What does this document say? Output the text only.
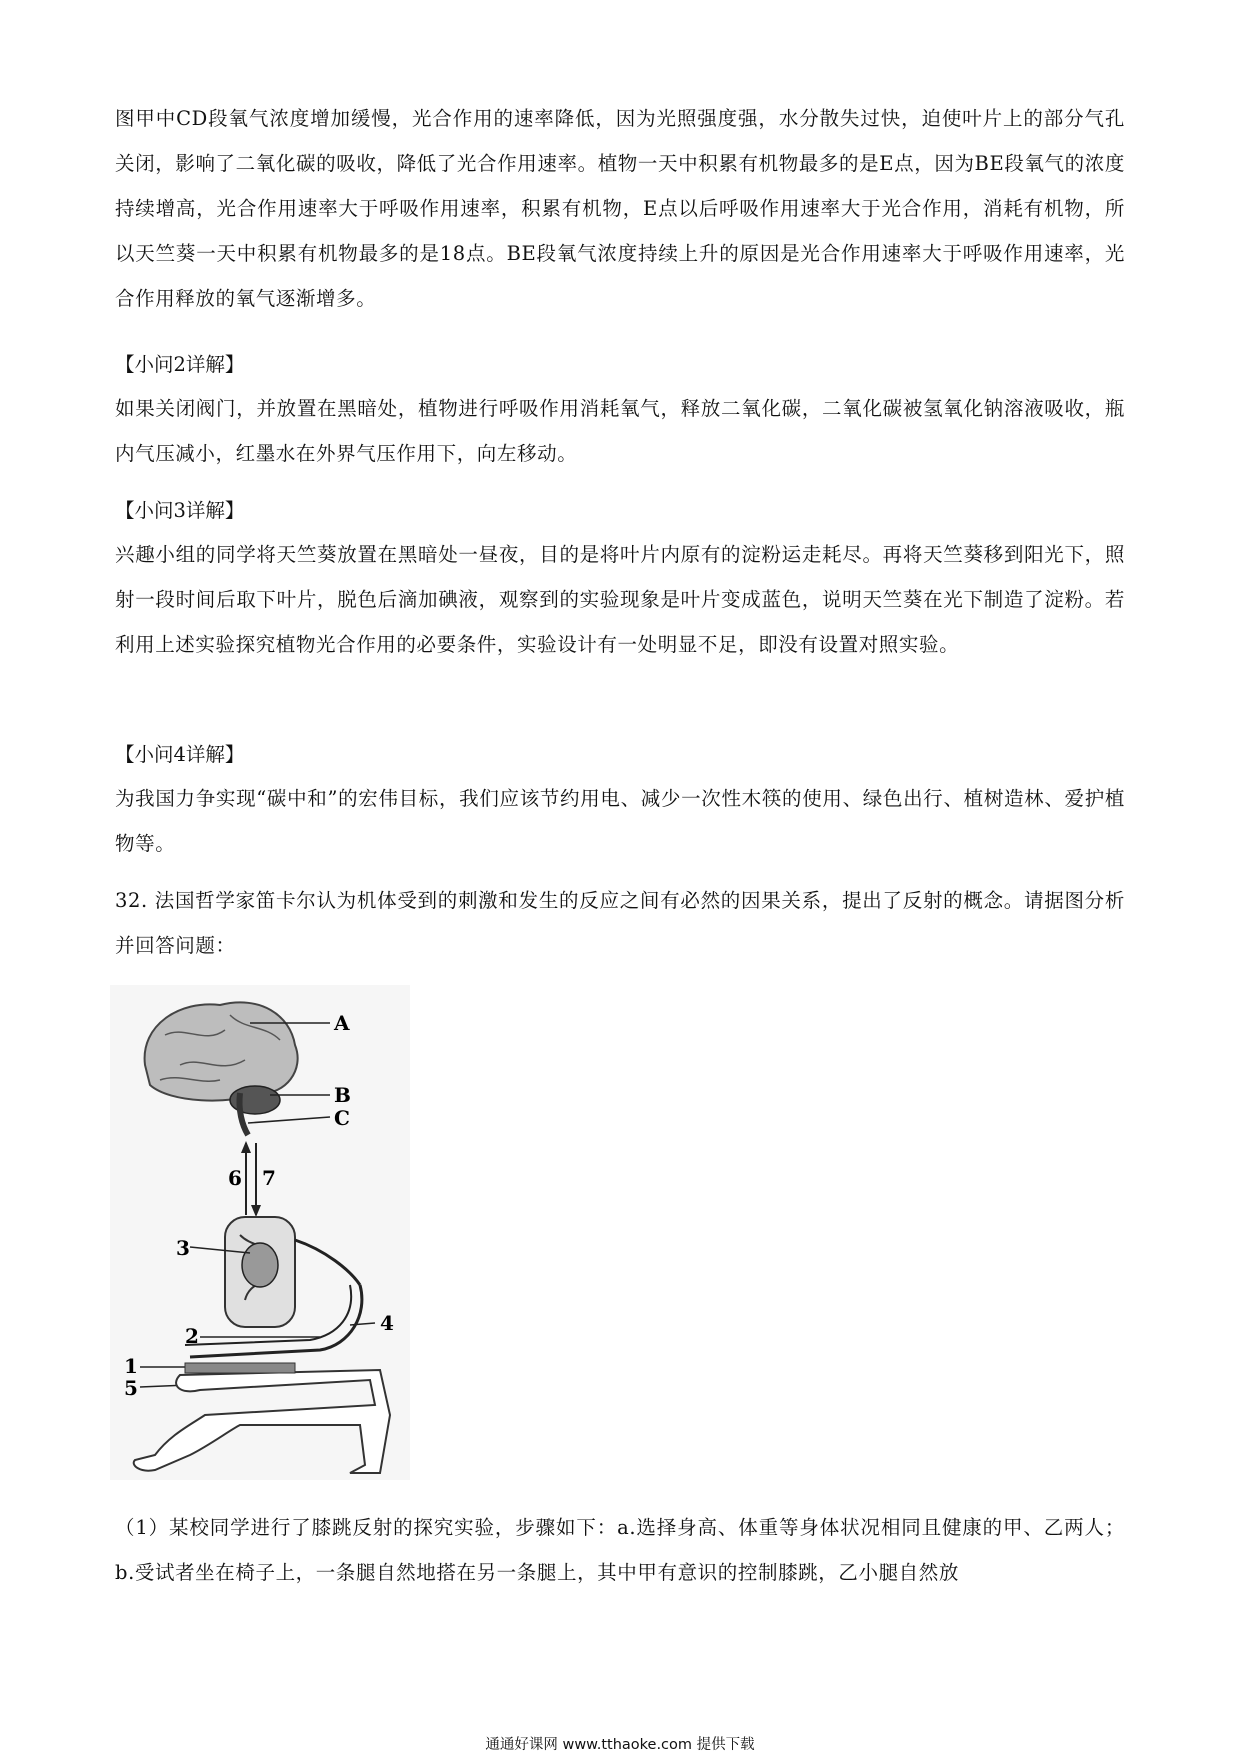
图甲中CD段氧气浓度增加缓慢，光合作用的速率降低，因为光照强度强，水分散失过快，迫使叶片上的部分气孔关闭，影响了二氧化碳的吸收，降低了光合作用速率。植物一天中积累有机物最多的是E点，因为BE段氧气的浓度持续增高，光合作用速率大于呼吸作用速率，积累有机物，E点以后呼吸作用速率大于光合作用，消耗有机物，所以天竺葵一天中积累有机物最多的是18点。BE段氧气浓度持续上升的原因是光合作用速率大于呼吸作用速率，光合作用释放的氧气逐渐增多。

【小问2详解】

如果关闭阀门，并放置在黑暗处，植物进行呼吸作用消耗氧气，释放二氧化碳，二氧化碳被氢氧化钠溶液吸收，瓶内气压减小，红墨水在外界气压作用下，向左移动。

【小问3详解】

兴趣小组的同学将天竺葵放置在黑暗处一昼夜，目的是将叶片内原有的淀粉运走耗尽。再将天竺葵移到阳光下，照射一段时间后取下叶片，脱色后滴加碘液，观察到的实验现象是叶片变成蓝色，说明天竺葵在光下制造了淀粉。若利用上述实验探究植物光合作用的必要条件，实验设计有一处明显不足，即没有设置对照实验。

【小问4详解】

为我国力争实现“碳中和”的宏伟目标，我们应该节约用电、减少一次性木筷的使用、绿色出行、植树造林、爱护植物等。

32. 法国哲学家笛卡尔认为机体受到的刺激和发生的反应之间有必然的因果关系，提出了反射的概念。请据图分析并回答问题：

A
B
C
6 7
3
4
2
1
5

（1）某校同学进行了膝跳反射的探究实验，步骤如下：a.选择身高、体重等身体状况相同且健康的甲、乙两人；b.受试者坐在椅子上，一条腿自然地搭在另一条腿上，其中甲有意识的控制膝跳，乙小腿自然放

通通好课网 www.tthaoke.com 提供下载
